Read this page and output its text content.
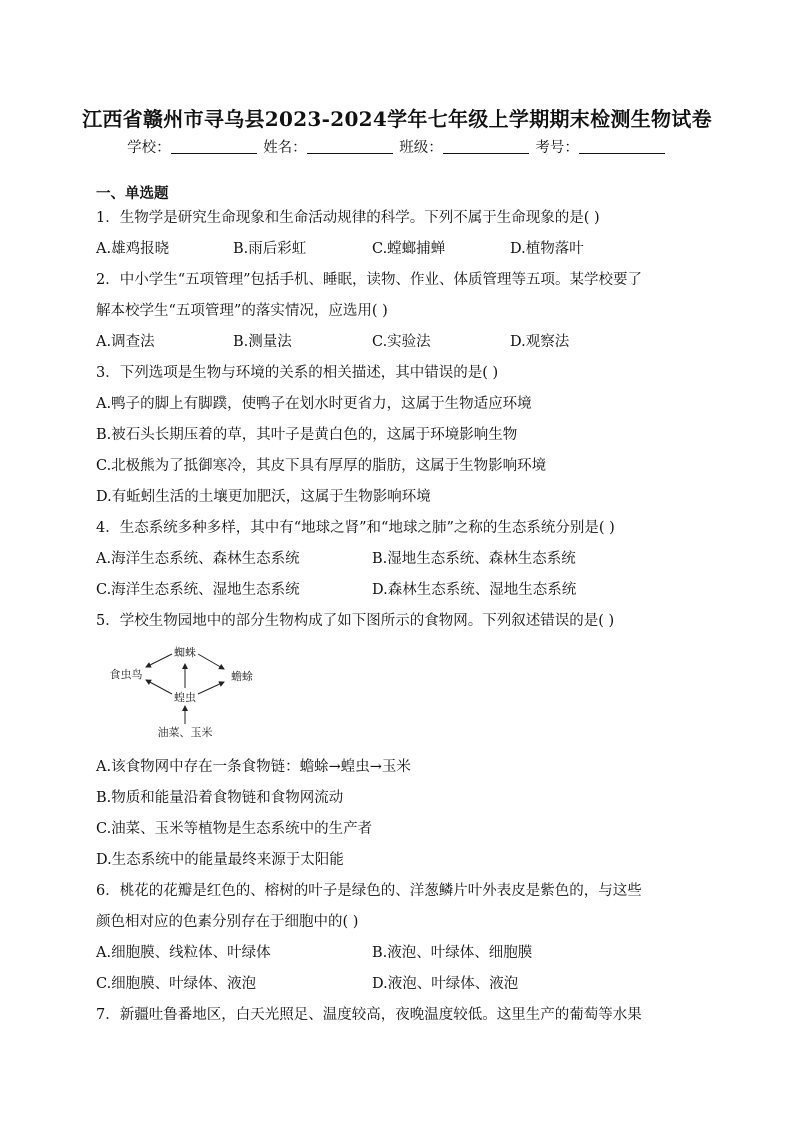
江西省赣州市寻乌县2023-2024学年七年级上学期期末检测生物试卷
学校：	姓名：	班级：	考号：
一、单选题
1．生物学是研究生命现象和生命活动规律的科学。下列不属于生命现象的是( )
A.雄鸡报晓	B.雨后彩虹	C.螳螂捕蝉	D.植物落叶
2．中小学生“五项管理”包括手机、睡眠，读物、作业、体质管理等五项。某学校要了
解本校学生“五项管理”的落实情况，应选用( )
A.调查法	B.测量法	C.实验法	D.观察法
3．下列选项是生物与环境的关系的相关描述，其中错误的是( )
A.鸭子的脚上有脚蹼，使鸭子在划水时更省力，这属于生物适应环境
B.被石头长期压着的草，其叶子是黄白色的，这属于环境影响生物
C.北极熊为了抵御寒冷，其皮下具有厚厚的脂肪，这属于生物影响环境
D.有蚯蚓生活的土壤更加肥沃，这属于生物影响环境
4．生态系统多种多样，其中有“地球之肾”和“地球之肺”之称的生态系统分别是( )
A.海洋生态系统、森林生态系统	B.湿地生态系统、森林生态系统
C.海洋生态系统、湿地生态系统	D.森林生态系统、湿地生态系统
5．学校生物园地中的部分生物构成了如下图所示的食物网。下列叙述错误的是( )
蜘蛛
食虫鸟	蟾蜍
蝗虫
油菜、玉米
A.该食物网中存在一条食物链：蟾蜍→蝗虫→玉米
B.物质和能量沿着食物链和食物网流动
C.油菜、玉米等植物是生态系统中的生产者
D.生态系统中的能量最终来源于太阳能
6．桃花的花瓣是红色的、榕树的叶子是绿色的、洋葱鳞片叶外表皮是紫色的，与这些
颜色相对应的色素分别存在于细胞中的( )
A.细胞膜、线粒体、叶绿体	B.液泡、叶绿体、细胞膜
C.细胞膜、叶绿体、液泡	D.液泡、叶绿体、液泡
7．新疆吐鲁番地区，白天光照足、温度较高，夜晚温度较低。这里生产的葡萄等水果
